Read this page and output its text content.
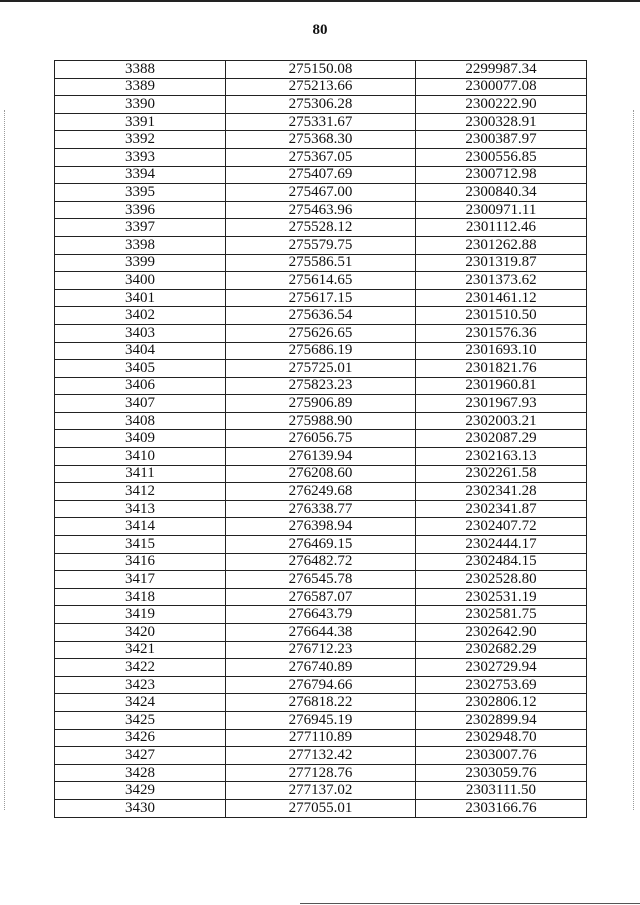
80
3388	275150.08	2299987.34
3389	275213.66	2300077.08
3390	275306.28	2300222.90
3391	275331.67	2300328.91
3392	275368.30	2300387.97
3393	275367.05	2300556.85
3394	275407.69	2300712.98
3395	275467.00	2300840.34
3396	275463.96	2300971.11
3397	275528.12	2301112.46
3398	275579.75	2301262.88
3399	275586.51	2301319.87
3400	275614.65	2301373.62
3401	275617.15	2301461.12
3402	275636.54	2301510.50
3403	275626.65	2301576.36
3404	275686.19	2301693.10
3405	275725.01	2301821.76
3406	275823.23	2301960.81
3407	275906.89	2301967.93
3408	275988.90	2302003.21
3409	276056.75	2302087.29
3410	276139.94	2302163.13
3411	276208.60	2302261.58
3412	276249.68	2302341.28
3413	276338.77	2302341.87
3414	276398.94	2302407.72
3415	276469.15	2302444.17
3416	276482.72	2302484.15
3417	276545.78	2302528.80
3418	276587.07	2302531.19
3419	276643.79	2302581.75
3420	276644.38	2302642.90
3421	276712.23	2302682.29
3422	276740.89	2302729.94
3423	276794.66	2302753.69
3424	276818.22	2302806.12
3425	276945.19	2302899.94
3426	277110.89	2302948.70
3427	277132.42	2303007.76
3428	277128.76	2303059.76
3429	277137.02	2303111.50
3430	277055.01	2303166.76
